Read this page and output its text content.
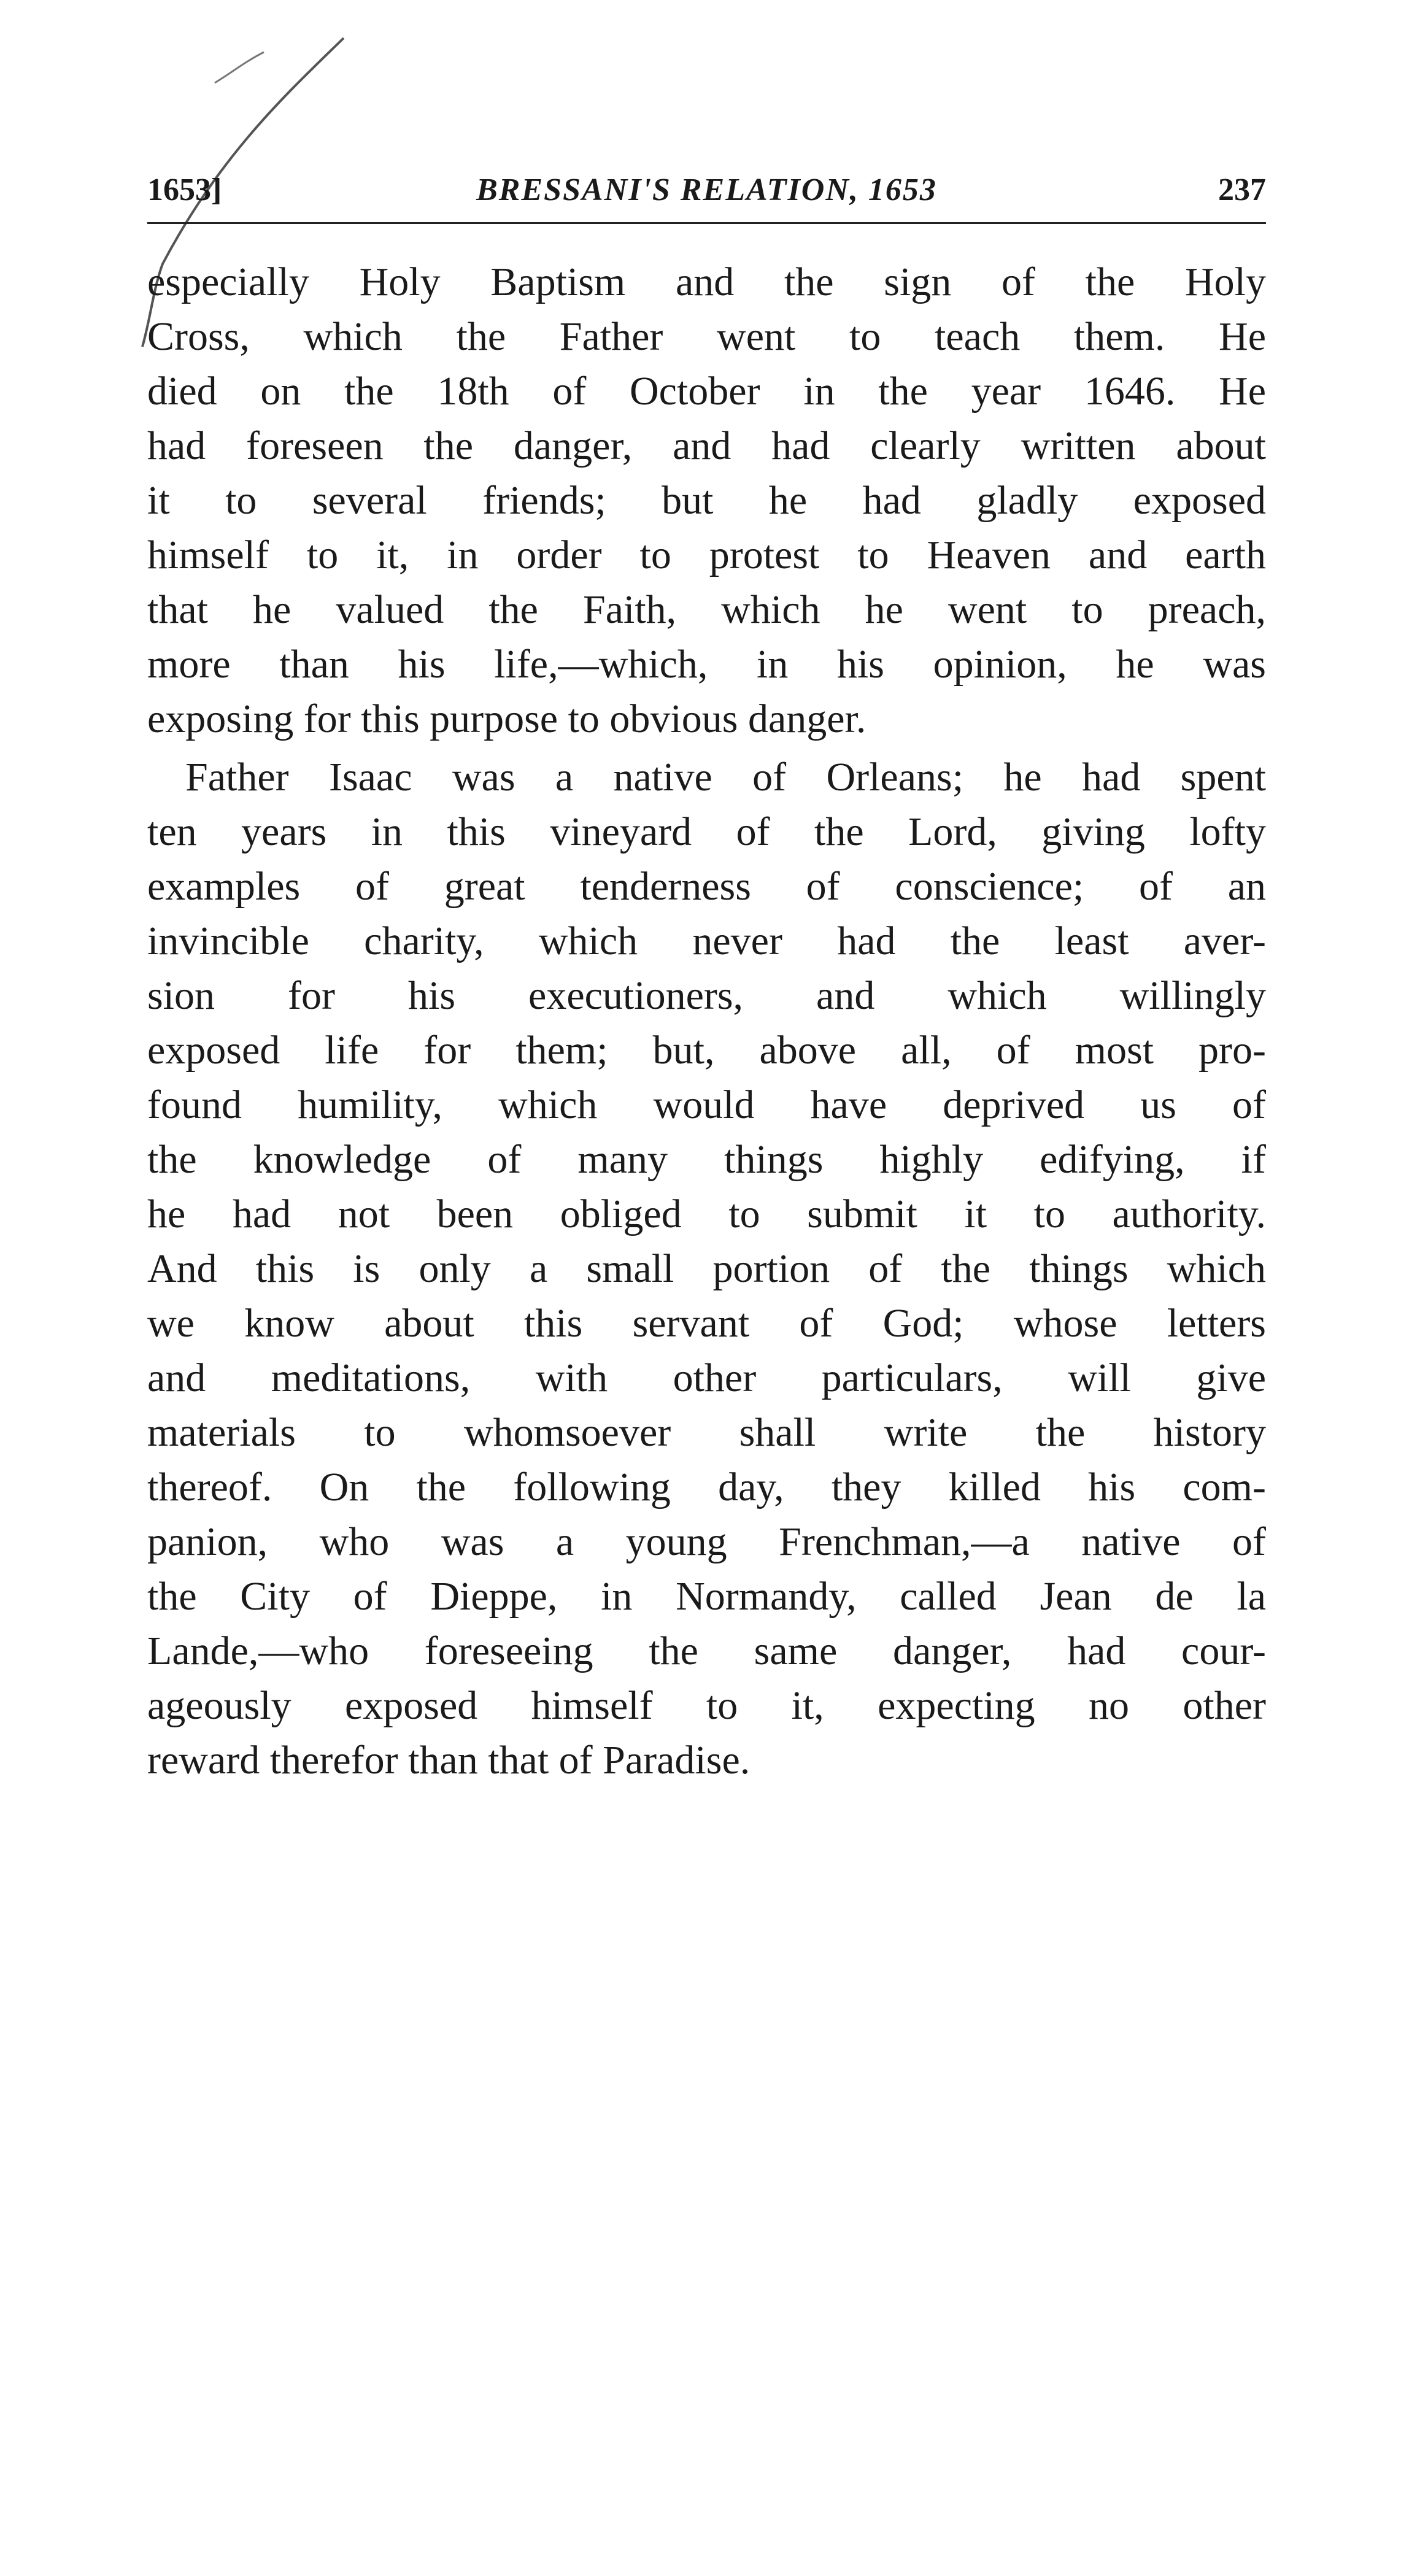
1653]	BRESSANI'S RELATION, 1653	237
especially Holy Baptism and the sign of the Holy
Cross, which the Father went to teach them. He
died on the 18th of October in the year 1646. He
had foreseen the danger, and had clearly written about
it to several friends; but he had gladly exposed
himself to it, in order to protest to Heaven and earth
that he valued the Faith, which he went to preach,
more than his life,—which, in his opinion, he was
exposing for this purpose to obvious danger.
Father Isaac was a native of Orleans; he had spent
ten years in this vineyard of the Lord, giving lofty
examples of great tenderness of conscience; of an
invincible charity, which never had the least aver-
sion for his executioners, and which willingly
exposed life for them; but, above all, of most pro-
found humility, which would have deprived us of
the knowledge of many things highly edifying, if
he had not been obliged to submit it to authority.
And this is only a small portion of the things which
we know about this servant of God; whose letters
and meditations, with other particulars, will give
materials to whomsoever shall write the history
thereof. On the following day, they killed his com-
panion, who was a young Frenchman,—a native of
the City of Dieppe, in Normandy, called Jean de la
Lande,—who foreseeing the same danger, had cour-
ageously exposed himself to it, expecting no other
reward therefor than that of Paradise.
